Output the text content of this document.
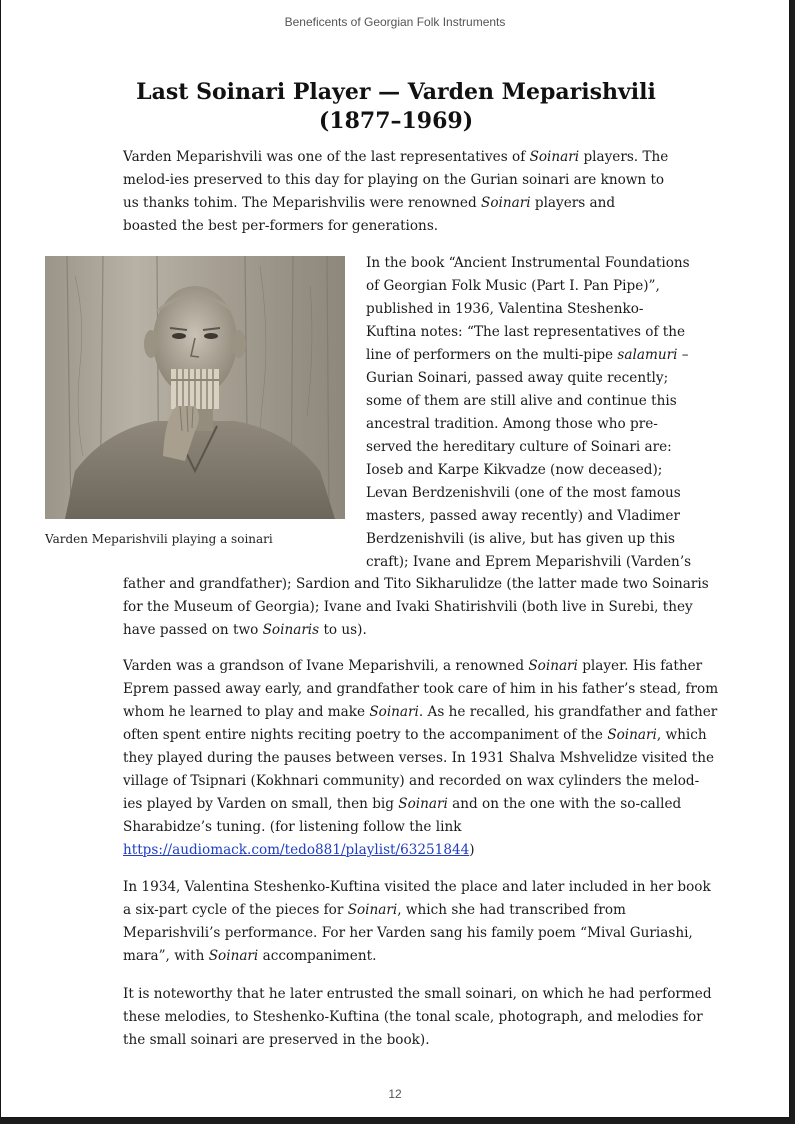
Beneficents of Georgian Folk Instruments
Last Soinari Player — Varden Meparishvili (1877–1969)
Varden Meparishvili was one of the last representatives of Soinari players. The melod-ies preserved to this day for playing on the Gurian soinari are known to us thanks tohim. The Meparishvilis were renowned Soinari players and boasted the best per-formers for generations.
Varden Meparishvili playing a soinari
In the book “Ancient Instrumental Foundations
of Georgian Folk Music (Part I. Pan Pipe)”,
published in 1936, Valentina Steshenko-
Kuftina notes: “The last representatives of the
line of performers on the multi-pipe salamuri –
Gurian Soinari, passed away quite recently;
some of them are still alive and continue this
ancestral tradition. Among those who pre-
served the hereditary culture of Soinari are:
Ioseb and Karpe Kikvadze (now deceased);
Levan Berdzenishvili (one of the most famous
masters, passed away recently) and Vladimer
Berdzenishvili (is alive, but has given up this
craft); Ivane and Eprem Meparishvili (Varden’s
father and grandfather); Sardion and Tito Sikharulidze (the latter made two Soinaris
for the Museum of Georgia); Ivane and Ivaki Shatirishvili (both live in Surebi, they
have passed on two Soinaris to us).
Varden was a grandson of Ivane Meparishvili, a renowned Soinari player. His father
Eprem passed away early, and grandfather took care of him in his father’s stead, from
whom he learned to play and make Soinari. As he recalled, his grandfather and father
often spent entire nights reciting poetry to the accompaniment of the Soinari, which
they played during the pauses between verses. In 1931 Shalva Mshvelidze visited the
village of Tsipnari (Kokhnari community) and recorded on wax cylinders the melod-
ies played by Varden on small, then big Soinari and on the one with the so-called
Sharabidze’s tuning. (for listening follow the link
https://audiomack.com/tedo881/playlist/63251844)
In 1934, Valentina Steshenko-Kuftina visited the place and later included in her book
a six-part cycle of the pieces for Soinari, which she had transcribed from
Meparishvili’s performance. For her Varden sang his family poem “Mival Guriashi,
mara”, with Soinari accompaniment.
It is noteworthy that he later entrusted the small soinari, on which he had performed
these melodies, to Steshenko-Kuftina (the tonal scale, photograph, and melodies for
the small soinari are preserved in the book).
12
